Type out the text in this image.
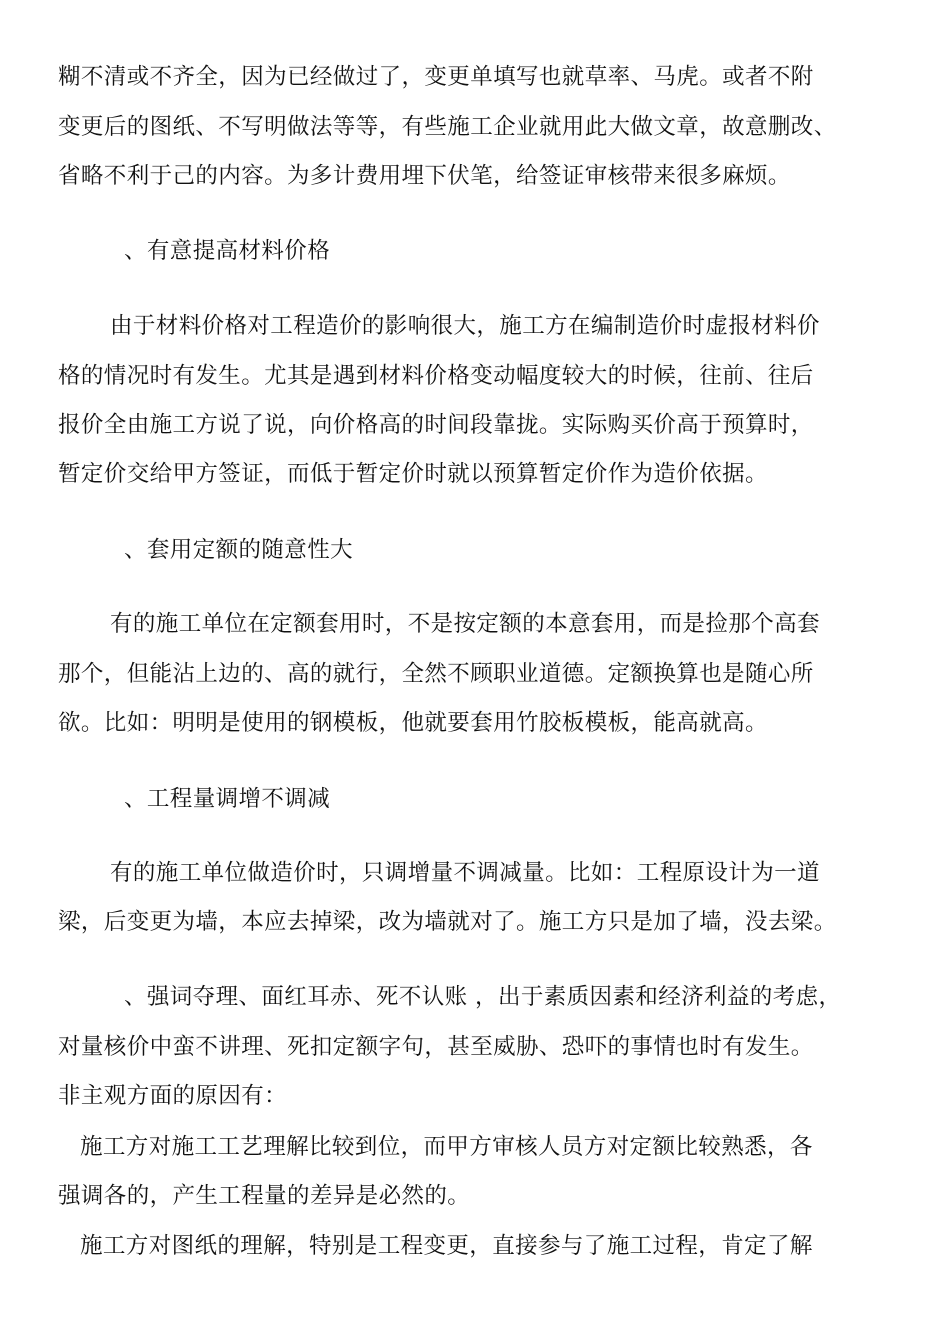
糊不清或不齐全，因为已经做过了，变更单填写也就草率、马虎。或者不附
变更后的图纸、不写明做法等等，有些施工企业就用此大做文章，故意删改、
省略不利于己的内容。为多计费用埋下伏笔，给签证审核带来很多麻烦。
、有意提高材料价格
由于材料价格对工程造价的影响很大，施工方在编制造价时虚报材料价
格的情况时有发生。尤其是遇到材料价格变动幅度较大的时候，往前、往后
报价全由施工方说了说，向价格高的时间段靠拢。实际购买价高于预算时，
暂定价交给甲方签证，而低于暂定价时就以预算暂定价作为造价依据。
、套用定额的随意性大
有的施工单位在定额套用时，不是按定额的本意套用，而是捡那个高套
那个，但能沾上边的、高的就行，全然不顾职业道德。定额换算也是随心所
欲。比如：明明是使用的钢模板，他就要套用竹胶板模板，能高就高。
、工程量调增不调减
有的施工单位做造价时，只调增量不调减量。比如：工程原设计为一道
梁，后变更为墙，本应去掉梁，改为墙就对了。施工方只是加了墙，没去梁。
、强词夺理、面红耳赤、死不认账 ，出于素质因素和经济利益的考虑，
对量核价中蛮不讲理、死扣定额字句，甚至威胁、恐吓的事情也时有发生。
非主观方面的原因有：
施工方对施工工艺理解比较到位，而甲方审核人员方对定额比较熟悉，各
强调各的，产生工程量的差异是必然的。
施工方对图纸的理解，特别是工程变更，直接参与了施工过程，肯定了解
